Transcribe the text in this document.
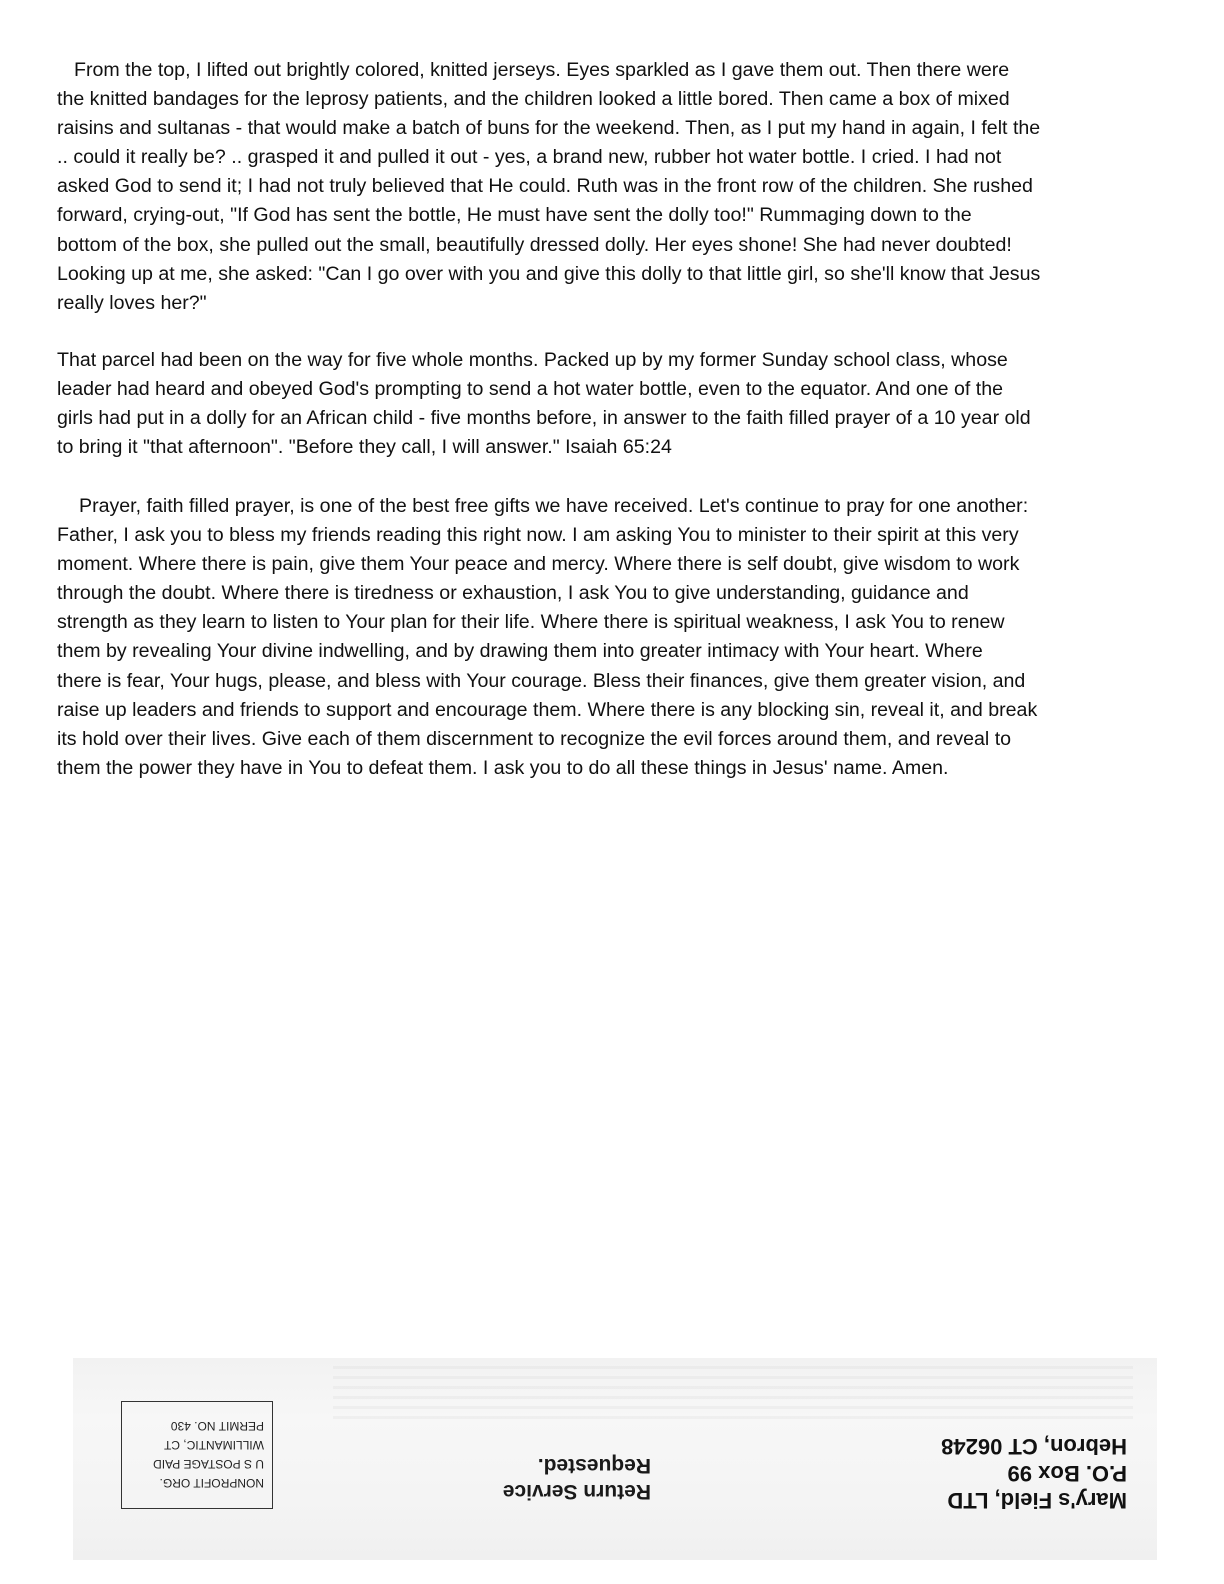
From the top, I lifted out brightly colored, knitted jerseys. Eyes sparkled as I gave them out. Then there were
the knitted bandages for the leprosy patients, and the children looked a little bored. Then came a box of mixed
raisins and sultanas - that would make a batch of buns for the weekend. Then, as I put my hand in again, I felt the
.. could it really be? .. grasped it and pulled it out - yes, a brand new, rubber hot water bottle. I cried. I had not
asked God to send it; I had not truly believed that He could. Ruth was in the front row of the children. She rushed
forward, crying-out, "If God has sent the bottle, He must have sent the dolly too!" Rummaging down to the
bottom of the box, she pulled out the small, beautifully dressed dolly. Her eyes shone! She had never doubted!
Looking up at me, she asked: "Can I go over with you and give this dolly to that little girl, so she'll know that Jesus
really loves her?"
That parcel had been on the way for five whole months. Packed up by my former Sunday school class, whose
leader had heard and obeyed God's prompting to send a hot water bottle, even to the equator. And one of the
girls had put in a dolly for an African child - five months before, in answer to the faith filled prayer of a 10 year old
to bring it "that afternoon". "Before they call, I will answer." Isaiah 65:24
Prayer, faith filled prayer, is one of the best free gifts we have received. Let's continue to pray for one another:
Father, I ask you to bless my friends reading this right now. I am asking You to minister to their spirit at this very
moment. Where there is pain, give them Your peace and mercy. Where there is self doubt, give wisdom to work
through the doubt. Where there is tiredness or exhaustion, I ask You to give understanding, guidance and
strength as they learn to listen to Your plan for their life. Where there is spiritual weakness, I ask You to renew
them by revealing Your divine indwelling, and by drawing them into greater intimacy with Your heart. Where
there is fear, Your hugs, please, and bless with Your courage. Bless their finances, give them greater vision, and
raise up leaders and friends to support and encourage them. Where there is any blocking sin, reveal it, and break
its hold over their lives. Give each of them discernment to recognize the evil forces around them, and reveal to
them the power they have in You to defeat them. I ask you to do all these things in Jesus' name. Amen.
NONPROFIT ORG.
U S POSTAGE PAID
WILLIMANTIC, CT
PERMIT NO. 430
Return Service
Requested.
Mary's Field, LTD
P.O. Box 99
Hebron, CT 06248
